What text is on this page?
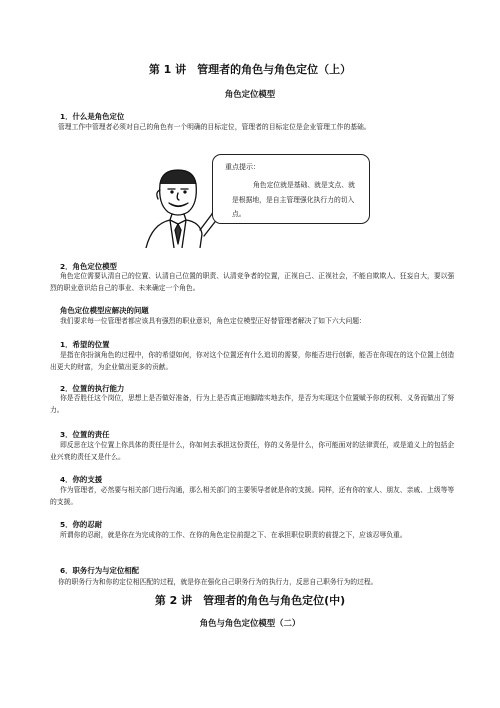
第 1 讲　管理者的角色与角色定位（上）
角色定位模型
1．什么是角色定位
管理工作中管理者必须对自己的角色有一个明确的目标定位，管理者的目标定位是企业管理工作的基础。
重点提示：
角色定位就是基础、就是支点、就是根据地，是自主管理强化执行力的切入点。
2．角色定位模型
角色定位需要认清自己的位置、认清自己位置的职责、认清竞争者的位置，正视自己、正视社会，不能自欺欺人、狂妄自大，要以强烈的职业意识给自己的事业、未来确定一个角色。
角色定位模型应解决的问题
我们要求每一位管理者都应该具有强烈的职业意识，角色定位模型正好替管理者解决了如下六大问题：
1．希望的位置
是指在你扮演角色的过程中，你的希望如何，你对这个位置还有什么追切的需要，你能否进行创新，能否在你现在的这个位置上创造出更大的财富，为企业做出更多的贡献。
2．位置的执行能力
你是否胜任这个岗位，思想上是否做好准备，行为上是否真正地脚踏实地去作，是否为实现这个位置赋予你的权利、义务而做出了努力。
3．位置的责任
即反思在这个位置上你具体的责任是什么，你如何去承担这份责任，你的义务是什么，你可能面对的法律责任，或是道义上的包括企业兴衰的责任又是什么。
4．你的支援
作为管理者，必然要与相关部门进行沟通，那么相关部门的主要领导者就是你的支援。同样，还有你的家人、朋友、亲戚、上级等等的支援。
5．你的忍耐
所谓你的忍耐，就是你在为完成你的工作、在你的角色定位前提之下、在承担职位职责的前提之下，应该忍辱负重。
6．职务行为与定位相配
你的职务行为和你的定位相匹配的过程，就是你在强化自己职务行为的执行力，反思自己职务行为的过程。
第 2 讲　管理者的角色与角色定位(中)
角色与角色定位模型（二）
